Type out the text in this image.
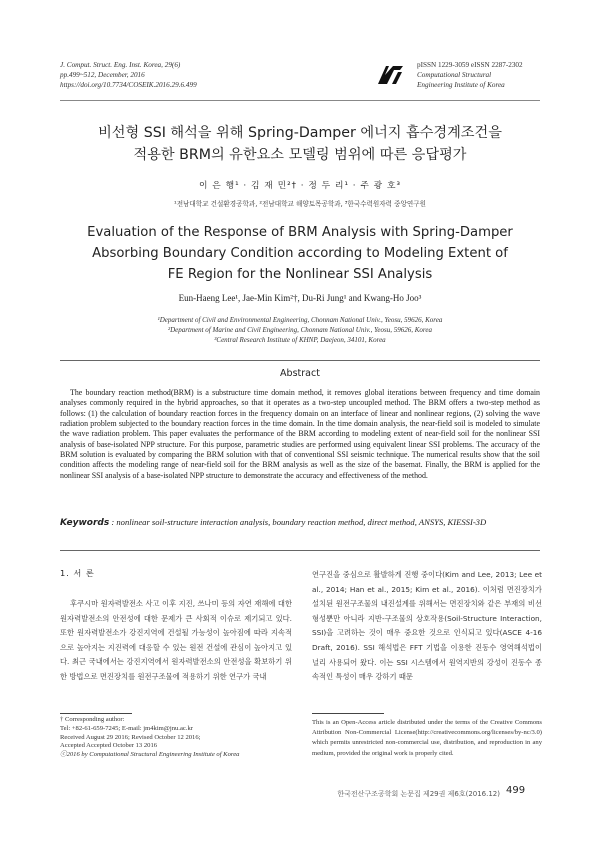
J. Comput. Struct. Eng. Inst. Korea, 29(6)
pp.499~512, December, 2016
https://doi.org/10.7734/COSEIK.2016.29.6.499
pISSN 1229-3059 eISSN 2287-2302
Computational Structural
Engineering Institute of Korea
비선형 SSI 해석을 위해 Spring-Damper 에너지 흡수경계조건을
적용한 BRM의 유한요소 모델링 범위에 따른 응답평가
이 은 행¹ · 김 재 민²† · 정 두 리¹ · 주 광 호³
¹전남대학교 건설환경공학과, ²전남대학교 해양토목공학과, ³한국수력원자력 중앙연구원
Evaluation of the Response of BRM Analysis with Spring-Damper
Absorbing Boundary Condition according to Modeling Extent of
FE Region for the Nonlinear SSI Analysis
Eun-Haeng Lee¹, Jae-Min Kim²†, Du-Ri Jung¹ and Kwang-Ho Joo³
¹Department of Civil and Environmental Engineering, Chonnam National Univ., Yeosu, 59626, Korea
²Department of Marine and Civil Engineering, Chonnam National Univ., Yeosu, 59626, Korea
³Central Research Institute of KHNP, Daejeon, 34101, Korea
Abstract
The boundary reaction method(BRM) is a substructure time domain method, it removes global iterations between frequency and time domain analyses commonly required in the hybrid approaches, so that it operates as a two-step uncoupled method. The BRM offers a two-step method as follows: (1) the calculation of boundary reaction forces in the frequency domain on an interface of linear and nonlinear regions, (2) solving the wave radiation problem subjected to the boundary reaction forces in the time domain. In the time domain analysis, the near-field soil is modeled to simulate the wave radiation problem. This paper evaluates the performance of the BRM according to modeling extent of near-field soil for the nonlinear SSI analysis of base-isolated NPP structure. For this purpose, parametric studies are performed using equivalent linear SSI problems. The accuracy of the BRM solution is evaluated by comparing the BRM solution with that of conventional SSI seismic technique. The numerical results show that the soil condition affects the modeling range of near-field soil for the BRM analysis as well as the size of the basemat. Finally, the BRM is applied for the nonlinear SSI analysis of a base-isolated NPP structure to demonstrate the accuracy and effectiveness of the method.
Keywords : nonlinear soil-structure interaction analysis, boundary reaction method, direct method, ANSYS, KIESSI-3D
1. 서 론
후쿠시마 원자력발전소 사고 이후 지진, 쓰나미 등의 자연 재해에 대한 원자력발전소의 안전성에 대한 문제가 큰 사회적 이슈로 제기되고 있다. 또한 원자력발전소가 강진지역에 건설될 가능성이 높아짐에 따라 지속적으로 높아지는 지진력에 대응할 수 있는 원전 건설에 관심이 높아지고 있다. 최근 국내에서는 강진지역에서 원자력발전소의 안전성을 확보하기 위한 방법으로 면진장치를 원전구조물에 적용하기 위한 연구가 국내
연구진을 중심으로 활발하게 진행 중이다(Kim and Lee, 2013; Lee et al., 2014; Han et al., 2015; Kim et al., 2016). 이처럼 면진장치가 설치된 원전구조물의 내진설계를 위해서는 면진장치와 같은 부재의 비선형성뿐만 아니라 지반-구조물의 상호작용(Soil-Structure Interaction, SSI)을 고려하는 것이 매우 중요한 것으로 인식되고 있다(ASCE 4-16 Draft, 2016). SSI 해석법은 FFT 기법을 이용한 진동수 영역해석법이 널리 사용되어 왔다. 이는 SSI 시스템에서 원역지반의 강성이 진동수 종속적인 특성이 매우 강하기 때문
† Corresponding author:
Tel: +82-61-659-7245; E-mail: jm4kim@jnu.ac.kr
Received August 29 2016; Revised October 12 2016;
Accepted Accepted October 13 2016
ⓒ2016 by Computational Structural Engineering Institute of Korea
This is an Open-Access article distributed under the terms of the Creative Commons Attribution Non-Commercial License(http://creativecommons.org/licenses/by-nc/3.0) which permits unrestricted non-commercial use, distribution, and reproduction in any medium, provided the original work is properly cited.
한국전산구조공학회 논문집 제29권 제6호(2016.12) 499
